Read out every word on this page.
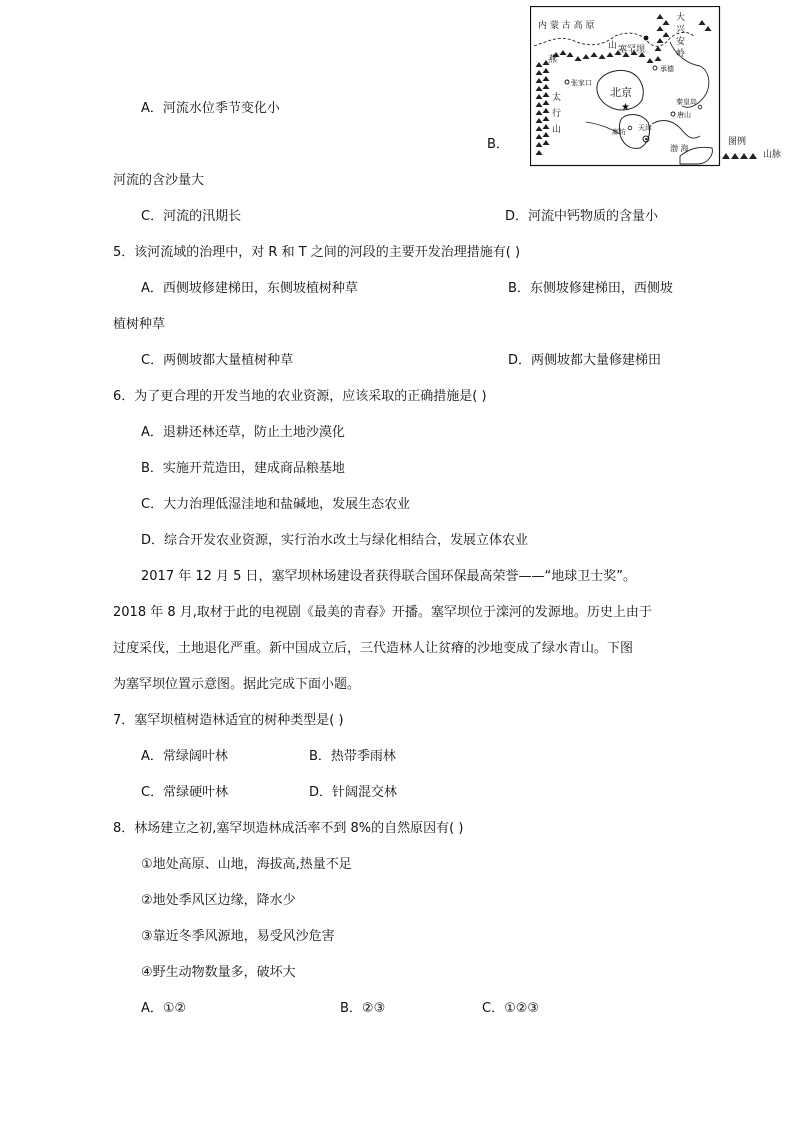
A．河流水位季节变化小
B．
河流的含沙量大
C．河流的汛期长	D．河流中钙物质的含量小
5．该河流域的治理中，对 R 和 T 之间的河段的主要开发治理措施有( )
A．西侧坡修建梯田，东侧坡植树种草	B．东侧坡修建梯田，西侧坡
植树种草
C．两侧坡都大量植树种草	D．两侧坡都大量修建梯田
6．为了更合理的开发当地的农业资源，应该采取的正确措施是( )
A．退耕还林还草，防止土地沙漠化
B．实施开荒造田，建成商品粮基地
C．大力治理低湿洼地和盐碱地，发展生态农业
D．综合开发农业资源，实行治水改土与绿化相结合，发展立体农业
2017 年 12 月 5 日，塞罕坝林场建设者获得联合国环保最高荣誉——“地球卫士奖”。
2018 年 8 月,取材于此的电视剧《最美的青春》开播。塞罕坝位于滦河的发源地。历史上由于
过度采伐，土地退化严重。新中国成立后，三代造林人让贫瘠的沙地变成了绿水青山。下图
为塞罕坝位置示意图。据此完成下面小题。
7．塞罕坝植树造林适宜的树种类型是( )
A．常绿阔叶林	B．热带季雨林
C．常绿硬叶林	D．针阔混交林
8．林场建立之初,塞罕坝造林成活率不到 8%的自然原因有( )
①地处高原、山地，海拔高,热量不足
②地处季风区边缘，降水少
③靠近冬季风源地，易受风沙危害
④野生动物数量多，破坏大
A．①②	B．②③	C．①②③
内 蒙 古 高 原
太
行
山
燕
山
大
兴
安
岭
塞罕坝
承德
张家口
北京
★
天津
廊坊
唐山
秦皇岛
渤 海
图例
山脉
